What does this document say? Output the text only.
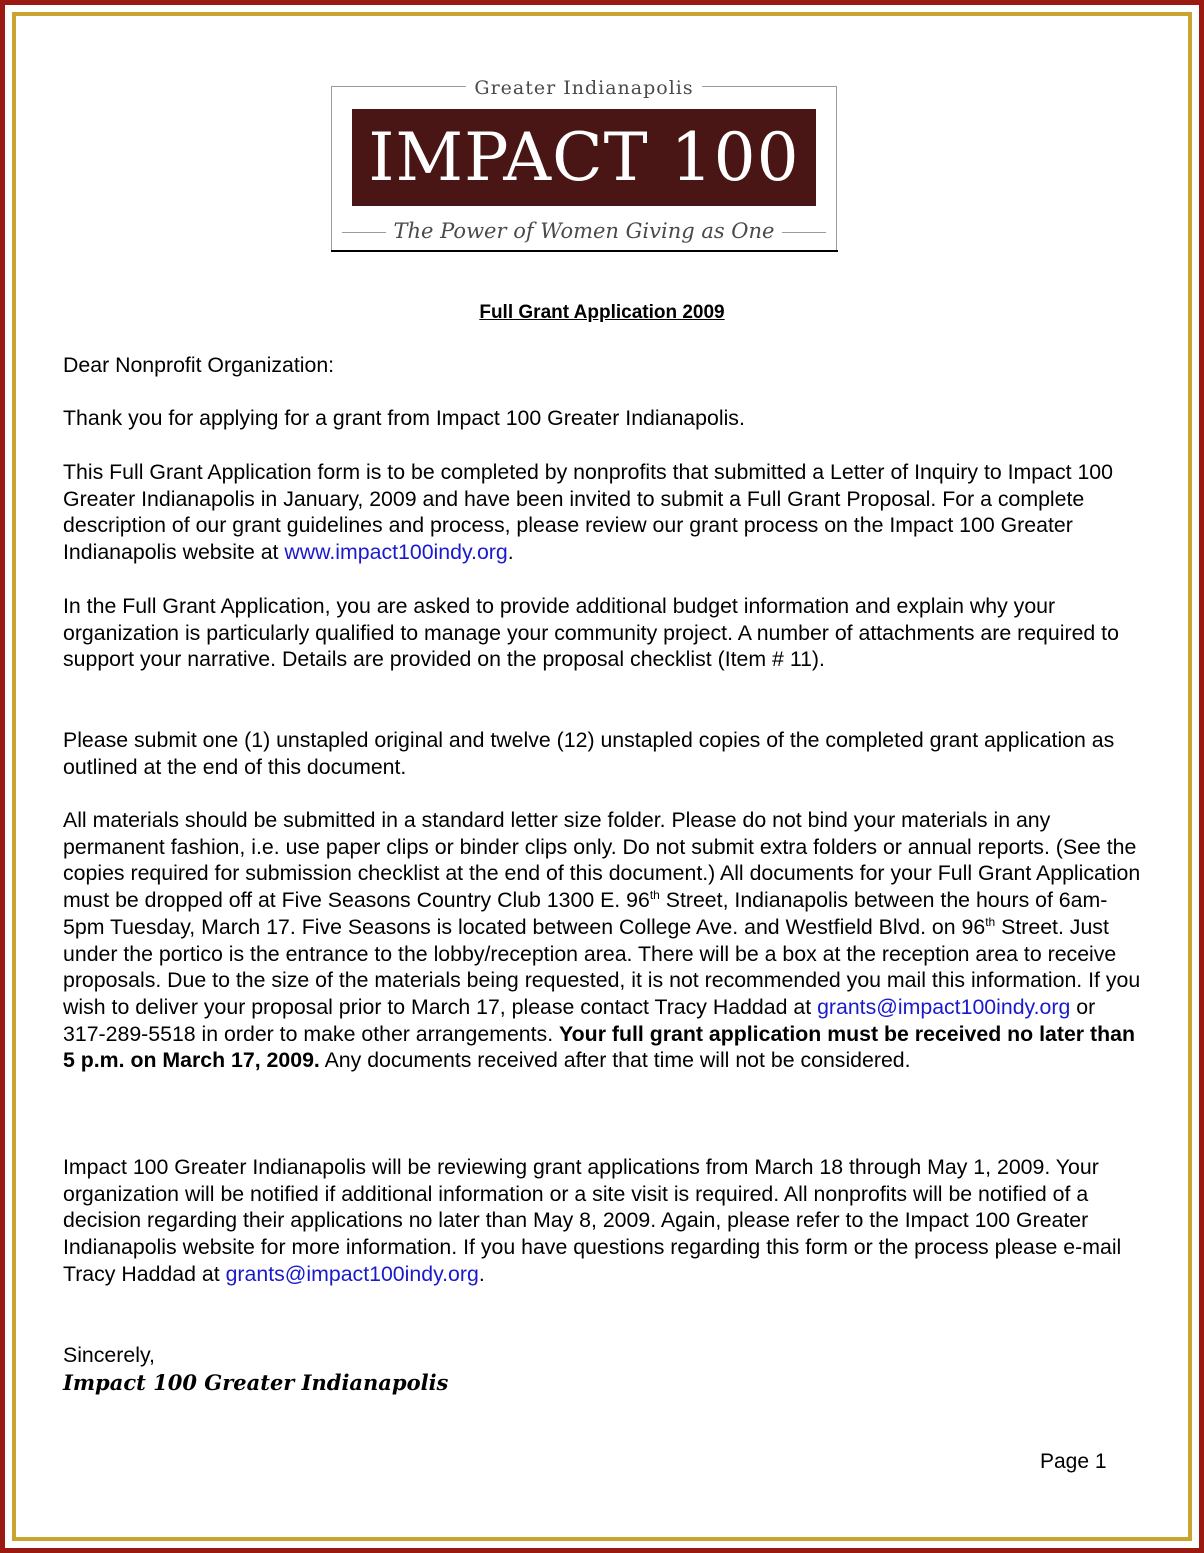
Greater Indianapolis
IMPACT 100
The Power of Women Giving as One
Full Grant Application 2009

Dear Nonprofit Organization:

Thank you for applying for a grant from Impact 100 Greater Indianapolis.

This Full Grant Application form is to be completed by nonprofits that submitted a Letter of Inquiry to Impact 100 Greater Indianapolis in January, 2009 and have been invited to submit a Full Grant Proposal. For a complete description of our grant guidelines and process, please review our grant process on the Impact 100 Greater Indianapolis website at www.impact100indy.org.

In the Full Grant Application, you are asked to provide additional budget information and explain why your organization is particularly qualified to manage your community project. A number of attachments are required to support your narrative. Details are provided on the proposal checklist (Item # 11).

Please submit one (1) unstapled original and twelve (12) unstapled copies of the completed grant application as outlined at the end of this document.

All materials should be submitted in a standard letter size folder. Please do not bind your materials in any permanent fashion, i.e. use paper clips or binder clips only. Do not submit extra folders or annual reports. (See the copies required for submission checklist at the end of this document.) All documents for your Full Grant Application must be dropped off at Five Seasons Country Club 1300 E. 96th Street, Indianapolis between the hours of 6am-5pm Tuesday, March 17. Five Seasons is located between College Ave. and Westfield Blvd. on 96th Street. Just under the portico is the entrance to the lobby/reception area. There will be a box at the reception area to receive proposals. Due to the size of the materials being requested, it is not recommended you mail this information. If you wish to deliver your proposal prior to March 17, please contact Tracy Haddad at grants@impact100indy.org or 317-289-5518 in order to make other arrangements. Your full grant application must be received no later than 5 p.m. on March 17, 2009. Any documents received after that time will not be considered.

Impact 100 Greater Indianapolis will be reviewing grant applications from March 18 through May 1, 2009. Your organization will be notified if additional information or a site visit is required. All nonprofits will be notified of a decision regarding their applications no later than May 8, 2009. Again, please refer to the Impact 100 Greater Indianapolis website for more information. If you have questions regarding this form or the process please e-mail Tracy Haddad at grants@impact100indy.org.

Sincerely,

Impact 100 Greater Indianapolis
Page 1
